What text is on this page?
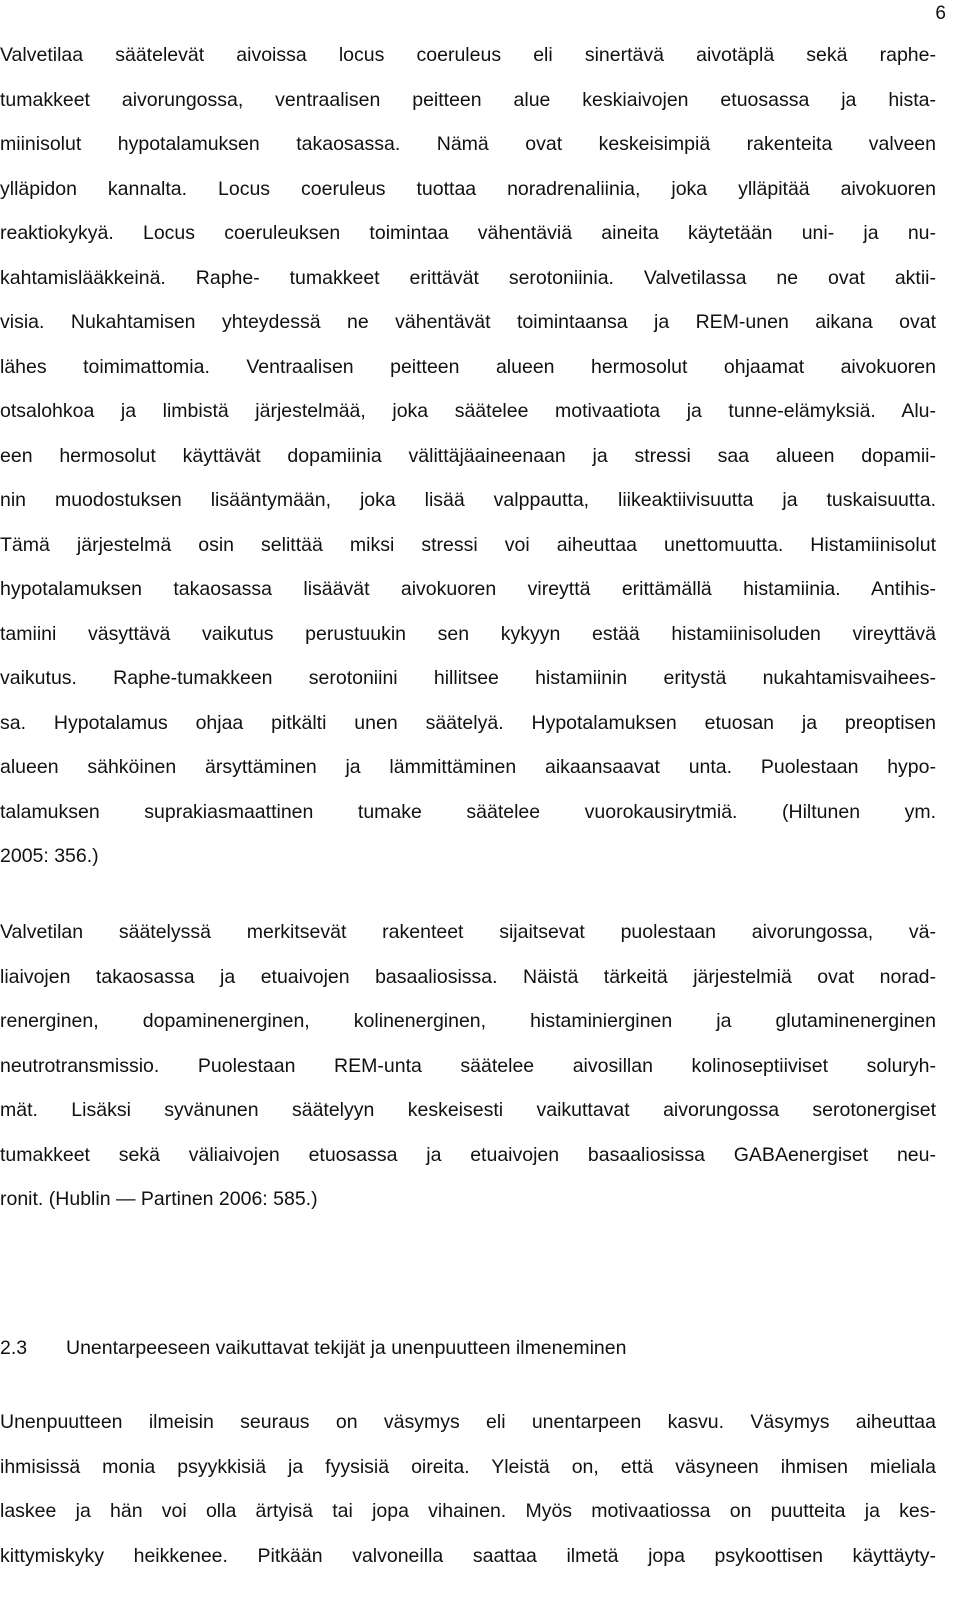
6
Valvetilaa säätelevät aivoissa locus coeruleus eli sinertävä aivotäplä sekä raphe-
tumakkeet aivorungossa, ventraalisen peitteen alue keskiaivojen etuosassa ja hista-
miinisolut hypotalamuksen takaosassa. Nämä ovat keskeisimpiä rakenteita valveen
ylläpidon kannalta. Locus coeruleus tuottaa noradrenaliinia, joka ylläpitää aivokuoren
reaktiokykyä. Locus coeruleuksen toimintaa vähentäviä aineita käytetään uni- ja nu-
kahtamislääkkeinä. Raphe- tumakkeet erittävät serotoniinia. Valvetilassa ne ovat aktii-
visia. Nukahtamisen yhteydessä ne vähentävät toimintaansa ja REM-unen aikana ovat
lähes toimimattomia. Ventraalisen peitteen alueen hermosolut ohjaamat aivokuoren
otsalohkoa ja limbistä järjestelmää, joka säätelee motivaatiota ja tunne-elämyksiä. Alu-
een hermosolut käyttävät dopamiinia välittäjäaineenaan ja stressi saa alueen dopamii-
nin muodostuksen lisääntymään, joka lisää valppautta, liikeaktiivisuutta ja tuskaisuutta.
Tämä järjestelmä osin selittää miksi stressi voi aiheuttaa unettomuutta. Histamiinisolut
hypotalamuksen takaosassa lisäävät aivokuoren vireyttä erittämällä histamiinia. Antihis-
tamiini väsyttävä vaikutus perustuukin sen kykyyn estää histamiinisoluden vireyttävä
vaikutus. Raphe-tumakkeen serotoniini hillitsee histamiinin eritystä nukahtamisvaihees-
sa. Hypotalamus ohjaa pitkälti unen säätelyä. Hypotalamuksen etuosan ja preoptisen
alueen sähköinen ärsyttäminen ja lämmittäminen aikaansaavat unta. Puolestaan hypo-
talamuksen suprakiasmaattinen tumake säätelee vuorokausirytmiä. (Hiltunen ym.
2005: 356.)
Valvetilan säätelyssä merkitsevät rakenteet sijaitsevat puolestaan aivorungossa, vä-
liaivojen takaosassa ja etuaivojen basaaliosissa. Näistä tärkeitä järjestelmiä ovat norad-
renerginen, dopaminenerginen, kolinenerginen, histaminierginen ja glutaminenerginen
neutrotransmissio. Puolestaan REM-unta säätelee aivosillan kolinoseptiiviset soluryh-
mät. Lisäksi syvänunen säätelyyn keskeisesti vaikuttavat aivorungossa serotonergiset
tumakkeet sekä väliaivojen etuosassa ja etuaivojen basaaliosissa GABAenergiset neu-
ronit. (Hublin — Partinen 2006: 585.)
2.3 Unentarpeeseen vaikuttavat tekijät ja unenpuutteen ilmeneminen
Unenpuutteen ilmeisin seuraus on väsymys eli unentarpeen kasvu. Väsymys aiheuttaa
ihmisissä monia psyykkisiä ja fyysisiä oireita. Yleistä on, että väsyneen ihmisen mieliala
laskee ja hän voi olla ärtyisä tai jopa vihainen. Myös motivaatiossa on puutteita ja kes-
kittymiskyky heikkenee. Pitkään valvoneilla saattaa ilmetä jopa psykoottisen käyttäyty-
